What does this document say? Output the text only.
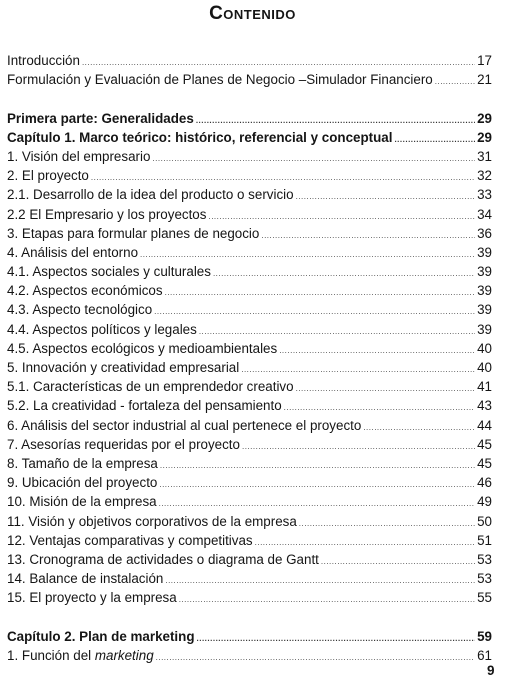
Contenido
Introducción .....	17
Formulación y Evaluación de Planes de Negocio –Simulador Financiero .....	21
Primera parte: Generalidades .....	29
Capítulo 1. Marco teórico: histórico, referencial y conceptual .....	29
1. Visión del empresario .....	31
2. El proyecto .....	32
2.1. Desarrollo de la idea del producto o servicio .....	33
2.2 El Empresario y los proyectos .....	34
3. Etapas para formular planes de negocio .....	36
4. Análisis del entorno .....	39
4.1. Aspectos sociales y culturales .....	39
4.2. Aspectos económicos .....	39
4.3. Aspecto tecnológico .....	39
4.4. Aspectos políticos y legales .....	39
4.5. Aspectos ecológicos y medioambientales .....	40
5. Innovación y creatividad empresarial .....	40
5.1. Características de un emprendedor creativo .....	41
5.2. La creatividad - fortaleza del pensamiento .....	43
6. Análisis del sector industrial al cual pertenece el proyecto .....	44
7. Asesorías requeridas por el proyecto .....	45
8. Tamaño de la empresa .....	45
9. Ubicación del proyecto .....	46
10. Misión de la empresa .....	49
11. Visión y objetivos corporativos de la empresa .....	50
12. Ventajas comparativas y competitivas .....	51
13. Cronograma de actividades o diagrama de Gantt .....	53
14. Balance de instalación .....	53
15. El proyecto y la empresa .....	55
Capítulo 2. Plan de marketing .....	59
1. Función del marketing .....	61
9
